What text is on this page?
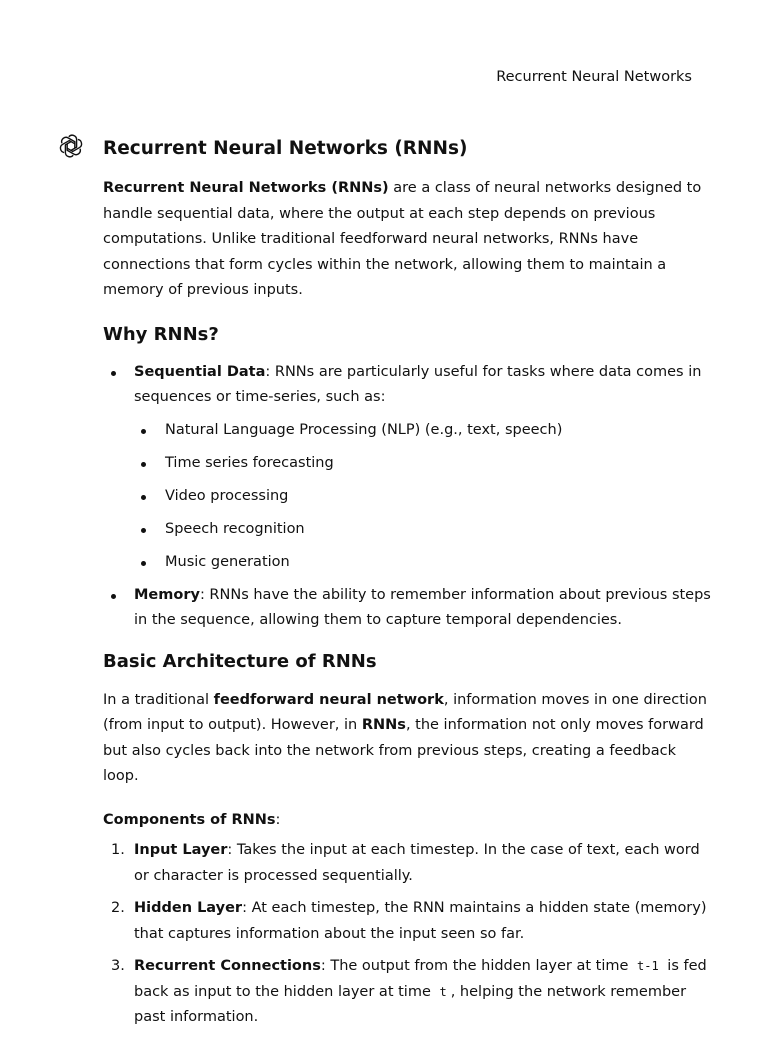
Recurrent Neural Networks
Recurrent Neural Networks (RNNs)

Recurrent Neural Networks (RNNs) are a class of neural networks designed to handle sequential data, where the output at each step depends on previous computations. Unlike traditional feedforward neural networks, RNNs have connections that form cycles within the network, allowing them to maintain a memory of previous inputs.

Why RNNs?
Sequential Data: RNNs are particularly useful for tasks where data comes in sequences or time-series, such as:
Natural Language Processing (NLP) (e.g., text, speech)
Time series forecasting
Video processing
Speech recognition
Music generation
Memory: RNNs have the ability to remember information about previous steps in the sequence, allowing them to capture temporal dependencies.
Basic Architecture of RNNs

In a traditional feedforward neural network, information moves in one direction (from input to output). However, in RNNs, the information not only moves forward but also cycles back into the network from previous steps, creating a feedback loop.

Components of RNNs:
1. Input Layer: Takes the input at each timestep. In the case of text, each word or character is processed sequentially.
2. Hidden Layer: At each timestep, the RNN maintains a hidden state (memory) that captures information about the input seen so far.
3. Recurrent Connections: The output from the hidden layer at time t-1 is fed back as input to the hidden layer at time t , helping the network remember past information.
